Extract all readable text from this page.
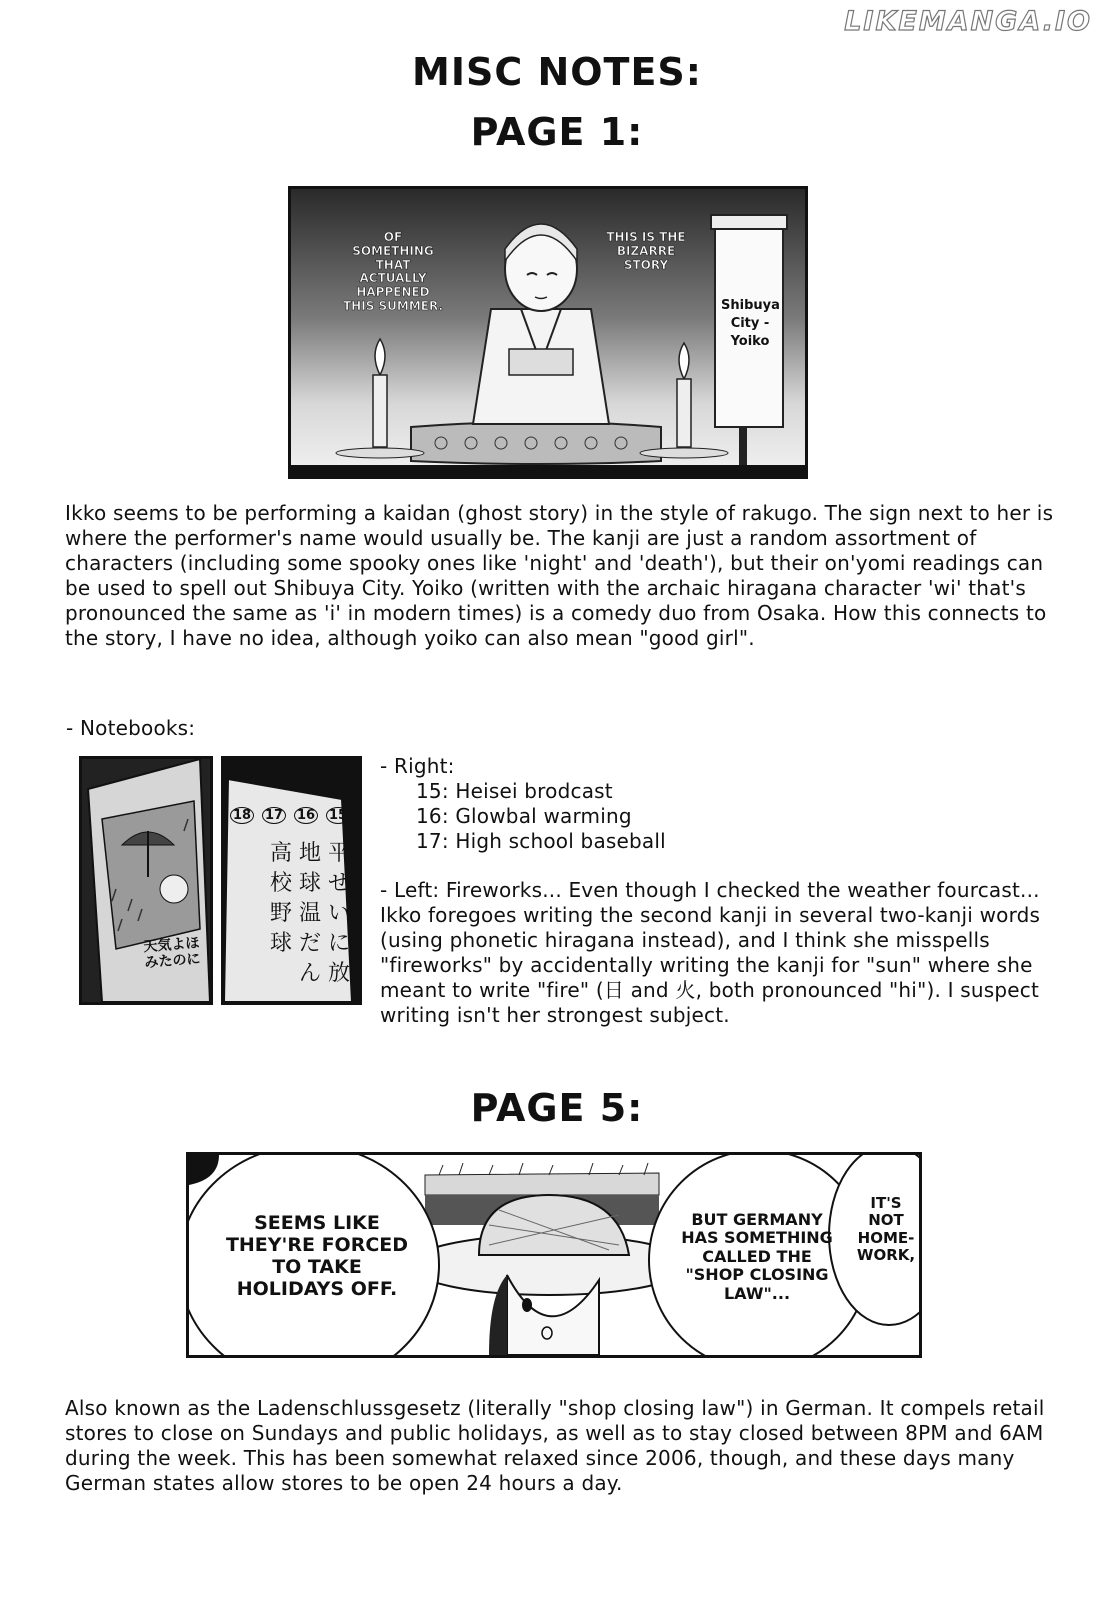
LIKEMANGA.IO
MISC NOTES:
PAGE 1:
OF SOMETHING THAT ACTUALLY HAPPENED THIS SUMMER.
THIS IS THE BIZARRE STORY
Shibuya City - Yoiko
Ikko seems to be performing a kaidan (ghost story) in the style of rakugo. The sign next to her is where the performer's name would usually be. The kanji are just a random assortment of characters (including some spooky ones like 'night' and 'death'), but their on'yomi readings can be used to spell out Shibuya City. Yoiko (written with the archaic hiragana character 'wi' that's pronounced the same as 'i' in modern times) is a comedy duo from Osaka. How this connects to the story, I have no idea, although yoiko can also mean "good girl".
- Notebooks:
天気よほ みたのに
18 17 16 15
高 地 平
校 球 せ
野 温 い
球 だ に
ん 放
- Right:
15: Heisei brodcast
16: Glowbal warming
17: High school baseball
- Left: Fireworks... Even though I checked the weather fourcast...
Ikko foregoes writing the second kanji in several two-kanji words (using phonetic hiragana instead), and I think she misspells "fireworks" by accidentally writing the kanji for "sun" where she meant to write "fire" (日 and 火, both pronounced "hi"). I suspect writing isn't her strongest subject.
PAGE 5:
SEEMS LIKE THEY'RE FORCED TO TAKE HOLIDAYS OFF.
BUT GERMANY HAS SOMETHING CALLED THE "SHOP CLOSING LAW"...
IT'S NOT HOME-WORK,
Also known as the Ladenschlussgesetz (literally "shop closing law") in German. It compels retail stores to close on Sundays and public holidays, as well as to stay closed between 8PM and 6AM during the week. This has been somewhat relaxed since 2006, though, and these days many German states allow stores to be open 24 hours a day.
